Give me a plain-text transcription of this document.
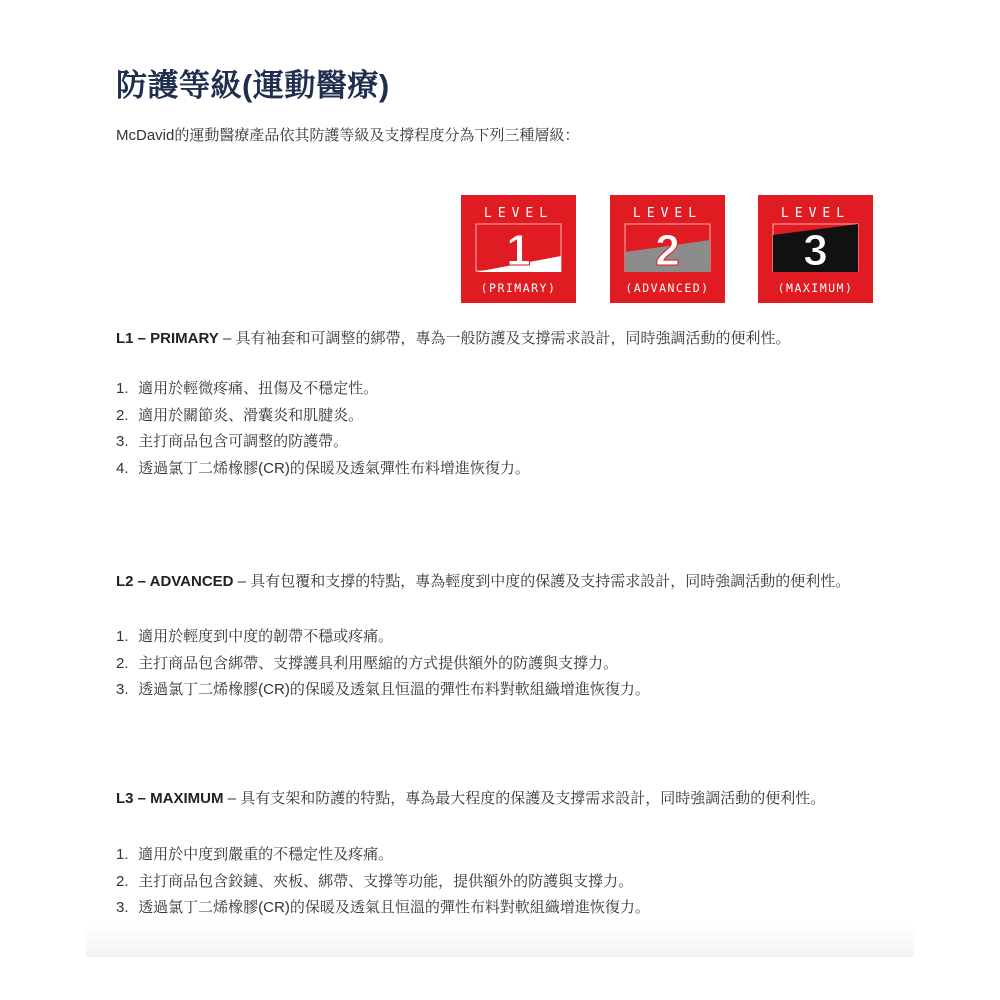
防護等級(運動醫療)
McDavid的運動醫療產品依其防護等級及支撐程度分為下列三種層級：
LEVEL
1
(PRIMARY)
LEVEL
2
(ADVANCED)
LEVEL
3
(MAXIMUM)
L1 – PRIMARY – 具有袖套和可調整的綁帶，專為一般防護及支撐需求設計，同時強調活動的便利性。
1. 適用於輕微疼痛、扭傷及不穩定性。
2. 適用於關節炎、滑囊炎和肌腱炎。
3. 主打商品包含可調整的防護帶。
4. 透過氯丁二烯橡膠(CR)的保暖及透氣彈性布料增進恢復力。
L2 – ADVANCED – 具有包覆和支撐的特點，專為輕度到中度的保護及支持需求設計，同時強調活動的便利性。
1. 適用於輕度到中度的韌帶不穩或疼痛。
2. 主打商品包含綁帶、支撐護具利用壓縮的方式提供額外的防護與支撐力。
3. 透過氯丁二烯橡膠(CR)的保暖及透氣且恒溫的彈性布料對軟組織增進恢復力。
L3 – MAXIMUM – 具有支架和防護的特點，專為最大程度的保護及支撐需求設計，同時強調活動的便利性。
1. 適用於中度到嚴重的不穩定性及疼痛。
2. 主打商品包含鉸鏈、夾板、綁帶、支撐等功能，提供額外的防護與支撐力。
3. 透過氯丁二烯橡膠(CR)的保暖及透氣且恒溫的彈性布料對軟組織增進恢復力。
